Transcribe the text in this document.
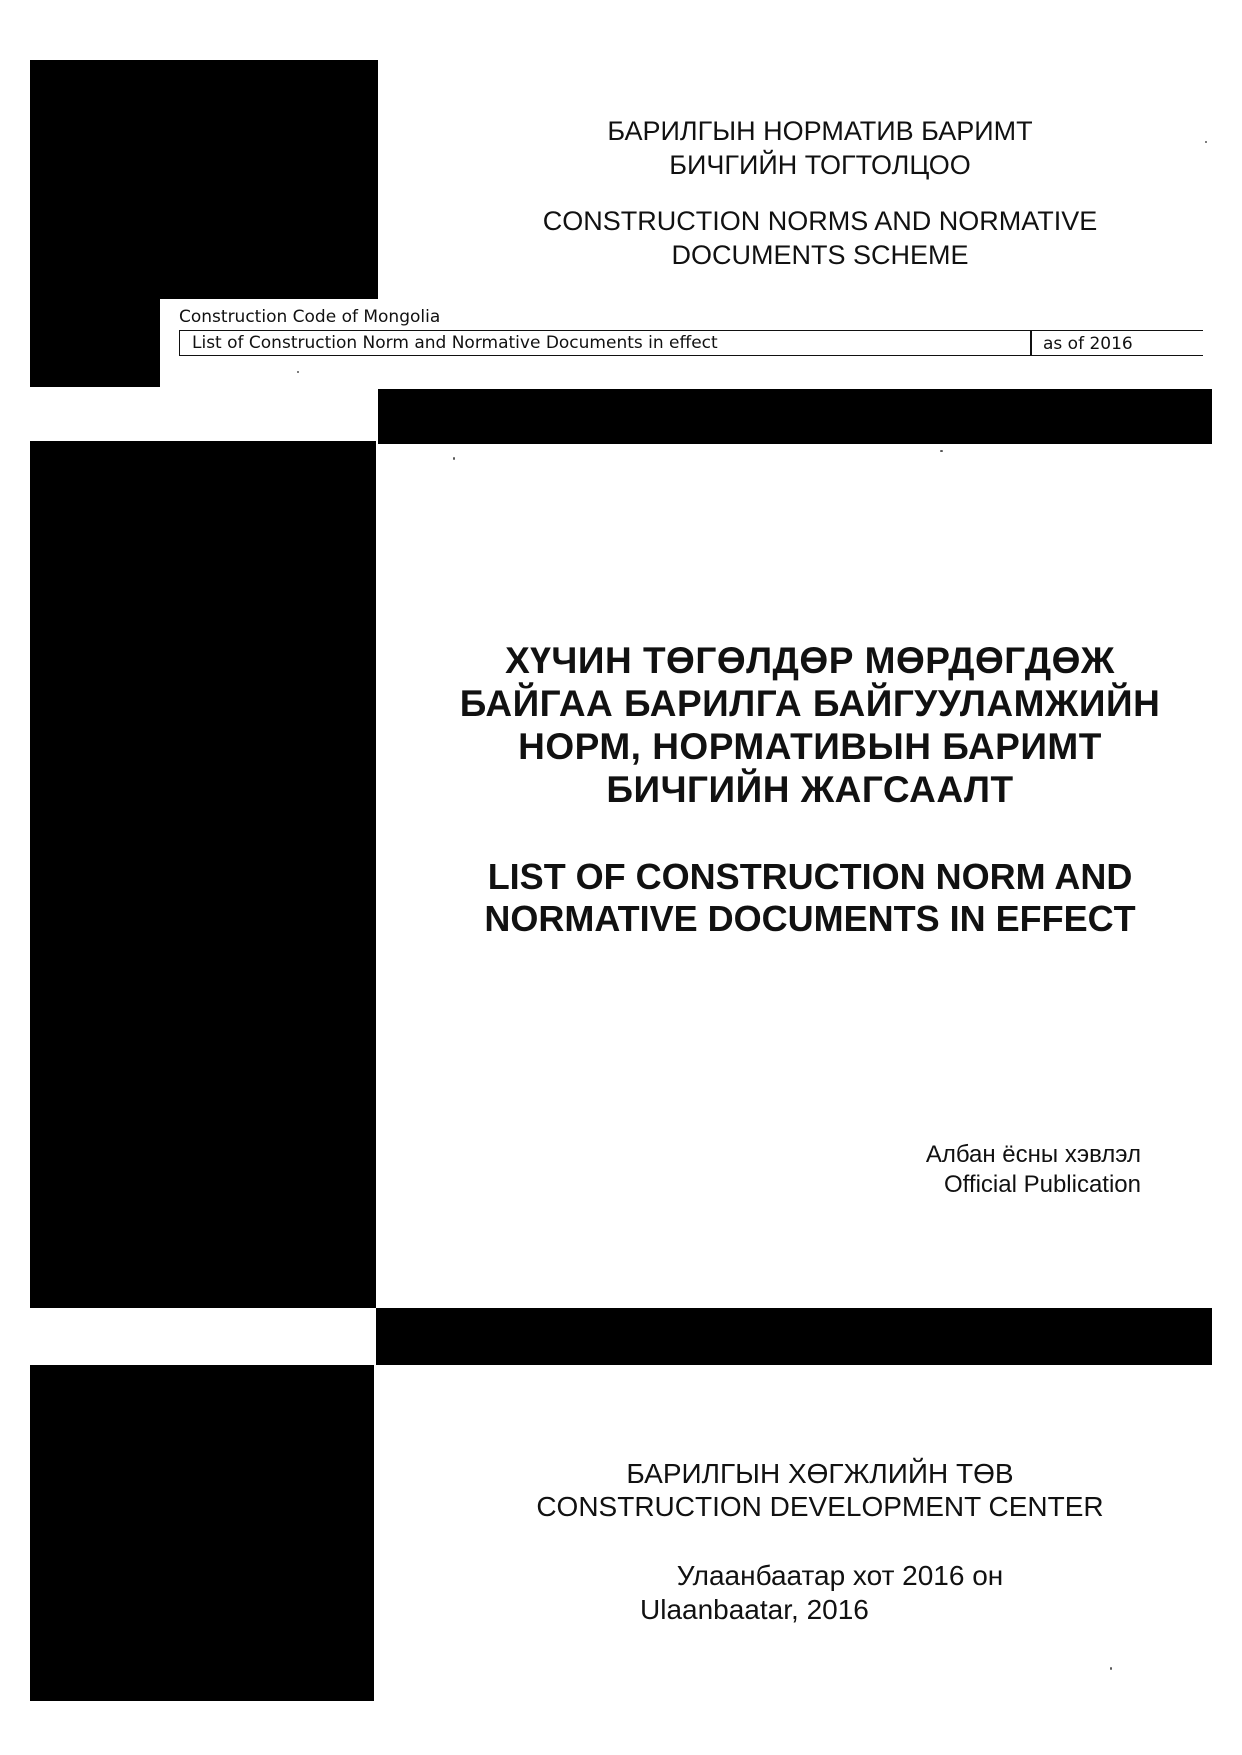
БАРИЛГЫН НОРМАТИВ БАРИМТ
БИЧГИЙН ТОГТОЛЦОО
CONSTRUCTION NORMS AND NORMATIVE
DOCUMENTS SCHEME
Construction Code of Mongolia
List of Construction Norm and Normative Documents in effect	as of 2016
ХҮЧИН ТӨГӨЛДӨР МӨРДӨГДӨЖ
БАЙГАА БАРИЛГА БАЙГУУЛАМЖИЙН
НОРМ, НОРМАТИВЫН БАРИМТ
БИЧГИЙН ЖАГСААЛТ
LIST OF CONSTRUCTION NORM AND
NORMATIVE DOCUMENTS IN EFFECT
Албан ёсны хэвлэл
Official Publication
БАРИЛГЫН ХӨГЖЛИЙН ТӨВ
CONSTRUCTION DEVELOPMENT CENTER
Улаанбаатар хот 2016 он
Ulaanbaatar, 2016
